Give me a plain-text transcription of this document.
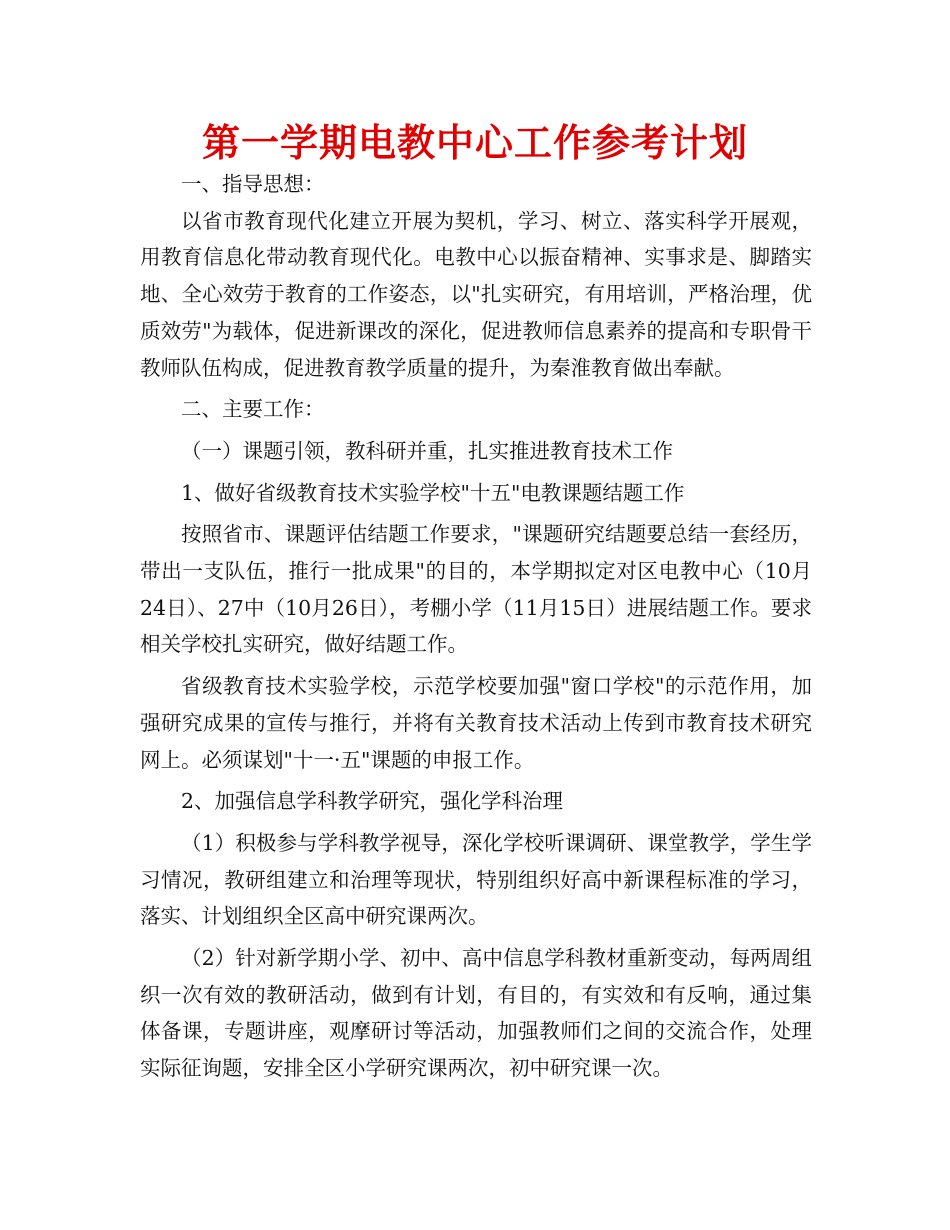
第一学期电教中心工作参考计划

一、指导思想：

以省市教育现代化建立开展为契机，学习、树立、落实科学开展观，用教育信息化带动教育现代化。电教中心以振奋精神、实事求是、脚踏实地、全心效劳于教育的工作姿态，以"扎实研究，有用培训，严格治理，优质效劳"为载体，促进新课改的深化，促进教师信息素养的提高和专职骨干教师队伍构成，促进教育教学质量的提升，为秦淮教育做出奉献。

二、主要工作：

（一）课题引领，教科研并重，扎实推进教育技术工作

1、做好省级教育技术实验学校"十五"电教课题结题工作

按照省市、课题评估结题工作要求，"课题研究结题要总结一套经历，带出一支队伍，推行一批成果"的目的，本学期拟定对区电教中心（10月24日）、27中（10月26日），考棚小学（11月15日）进展结题工作。要求相关学校扎实研究，做好结题工作。

省级教育技术实验学校，示范学校要加强"窗口学校"的示范作用，加强研究成果的宣传与推行，并将有关教育技术活动上传到市教育技术研究网上。必须谋划"十一·五"课题的申报工作。

2、加强信息学科教学研究，强化学科治理

（1）积极参与学科教学视导，深化学校听课调研、课堂教学，学生学习情况，教研组建立和治理等现状，特别组织好高中新课程标准的学习，落实、计划组织全区高中研究课两次。

（2）针对新学期小学、初中、高中信息学科教材重新变动，每两周组织一次有效的教研活动，做到有计划，有目的，有实效和有反响，通过集体备课，专题讲座，观摩研讨等活动，加强教师们之间的交流合作，处理实际征询题，安排全区小学研究课两次，初中研究课一次。
